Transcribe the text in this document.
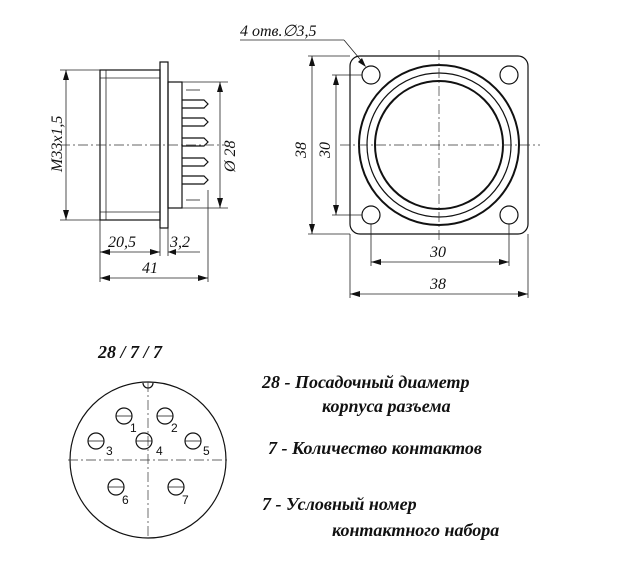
М33х1,5	Ø 28
20,5 3,2
41
4 отв.∅3,5
38 30
30
38
28 / 7 / 7
1	2
3	4	5
6	7
28 - Посадочный диаметр
корпуса разъема
7 - Количество контактов
7 - Условный номер
контактного набора
